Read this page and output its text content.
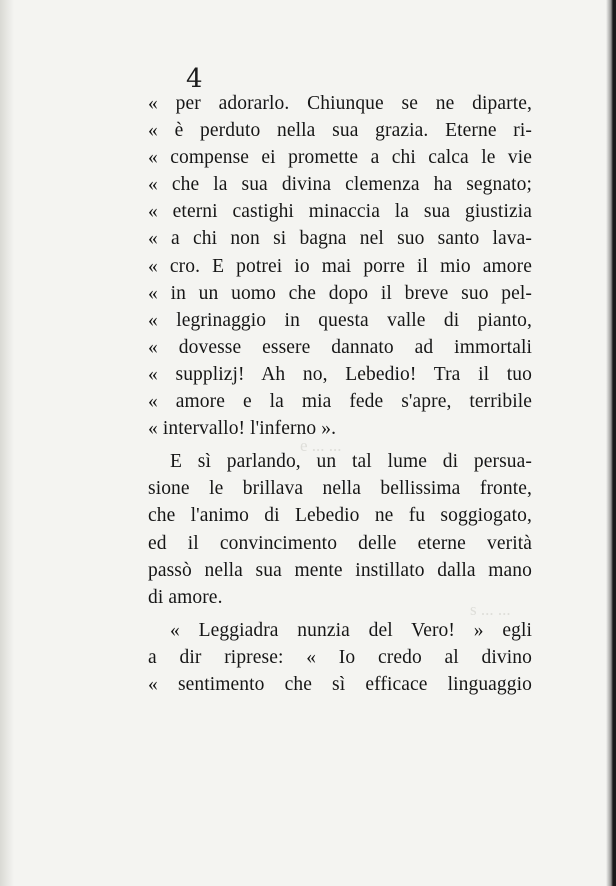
e ... ...
s ... ...
4
« per adorarlo. Chiunque se ne diparte,
« è perduto nella sua grazia. Eterne ri-
« compense ei promette a chi calca le vie
« che la sua divina clemenza ha segnato;
« eterni castighi minaccia la sua giustizia
« a chi non si bagna nel suo santo lava-
« cro. E potrei io mai porre il mio amore
« in un uomo che dopo il breve suo pel-
« legrinaggio in questa valle di pianto,
« dovesse essere dannato ad immortali
« supplizj! Ah no, Lebedio! Tra il tuo
« amore e la mia fede s'apre, terribile
« intervallo! l'inferno ».
E sì parlando, un tal lume di persua-
sione le brillava nella bellissima fronte,
che l'animo di Lebedio ne fu soggiogato,
ed il convincimento delle eterne verità
passò nella sua mente instillato dalla mano
di amore.
« Leggiadra nunzia del Vero! » egli
a dir riprese: « Io credo al divino
« sentimento che sì efficace linguaggio
